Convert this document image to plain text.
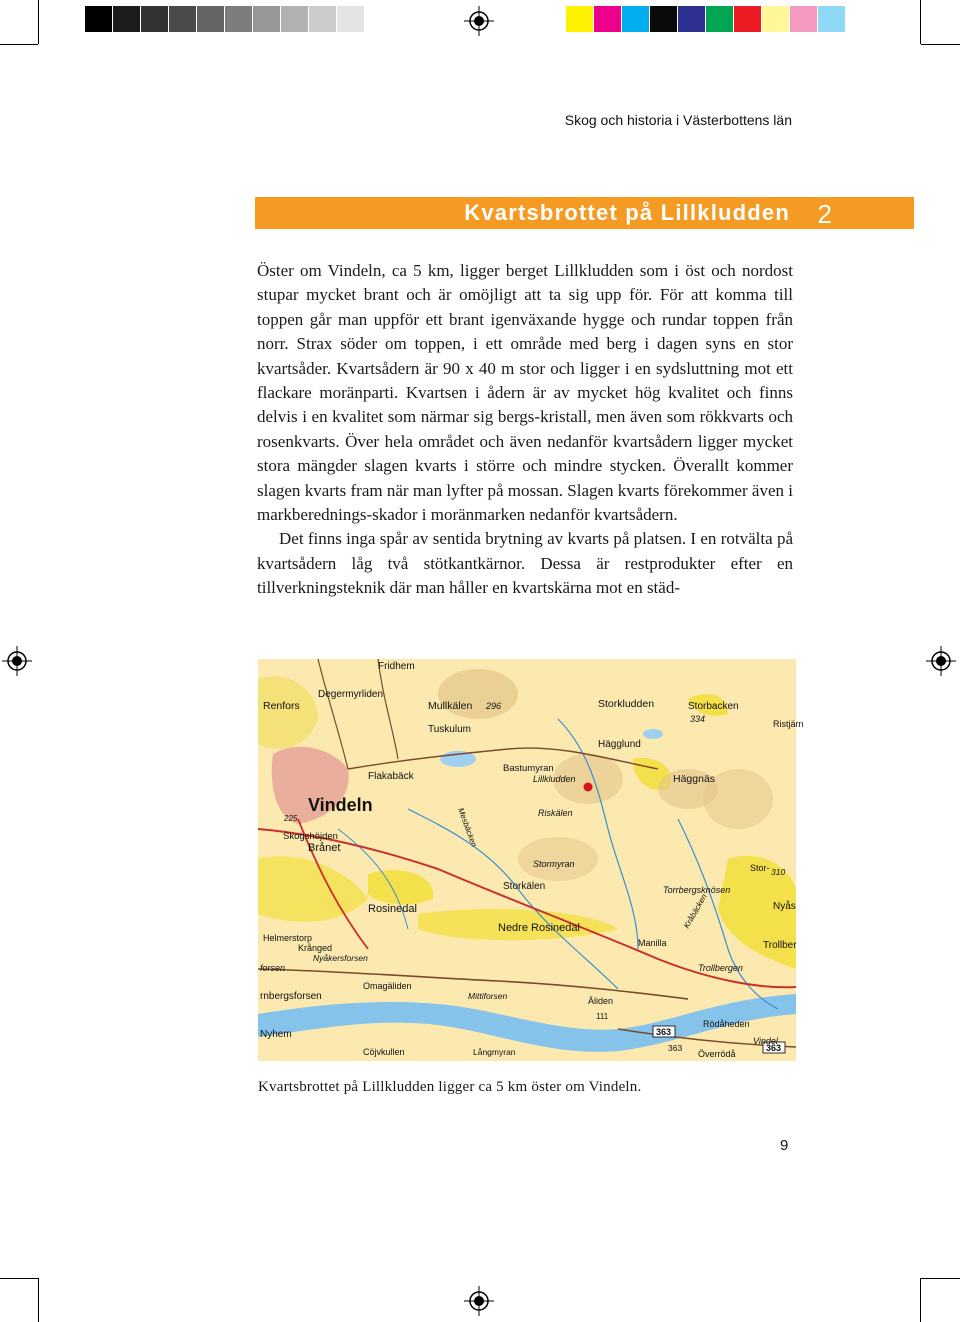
Skog och historia i Västerbottens län
Kvartsbrottet på Lillkludden 2

Öster om Vindeln, ca 5 km, ligger berget Lillkludden som i öst och nordost stupar mycket brant och är omöjligt att ta sig upp för. För att komma till toppen går man uppför ett brant igenväxande hygge och rundar toppen från norr. Strax söder om toppen, i ett område med berg i dagen syns en stor kvartsåder. Kvartsådern är 90 x 40 m stor och ligger i en sydsluttning mot ett flackare moränparti. Kvartsen i ådern är av mycket hög kvalitet och finns delvis i en kvalitet som närmar sig bergs-kristall, men även som rökkvarts och rosenkvarts. Över hela området och även nedanför kvartsådern ligger mycket stora mängder slagen kvarts i större och mindre stycken. Överallt kommer slagen kvarts fram när man lyfter på mossan. Slagen kvarts förekommer även i markberednings-skador i moränmarken nedanför kvartsådern.

Det finns inga spår av sentida brytning av kvarts på platsen. I en rotvälta på kvartsådern låg två stötkantkärnor. Dessa är restprodukter efter en tillverkningsteknik där man håller en kvartskärna mot en städ-

Fridhem
Degermyrliden
Renfors	Mullkälen 296	Storkludden	Storbacken
334
Tuskulum
Hägglund
Ristjärn
Flakabäck
Bastumyran
Lillkludden	Häggnäs
Vindeln
225
Skogshöjden
Brånet
Riskälen
Mesbäcken
Stormyran
Storkälen
Stor- 310
Torrbergsknösen
Rosinedal	Nyås
Helmerstorp
Kråbäcken
Krånged
Nedre Rosinedal
Manilla	Trollber
forsen
Nyåkersforsen
Trollbergen
rnbergsforsen
Omagäliden
Mittiforsen	Äliden
111
Nyhem
Rödåheden
363
363	363
Cöjvkullen	Långmyran	Överrödå
Vindel
Kvartsbrottet på Lillkludden ligger ca 5 km öster om Vindeln.
9
